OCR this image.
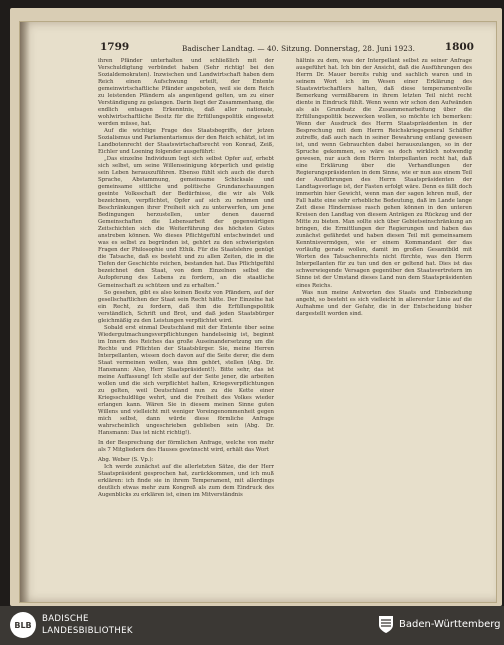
1799	Badischer Landtag. — 40. Sitzung. Donnerstag, 28. Juni 1923.	1800

ihren Pfänder unterhalten und schließlich mit der Verschuldigtung verbündet haben (Sehr richtig! bei den Sozialdemokraten). Inzwischen und Landwirtschaft haben dem Reich einen Aufschwung erteilt, der Entente gemeinwirtschaftliche Pfänder angeboten, weil sie dem Reich zu leistenden Pfändern als angenügend gelten, um zu einer Verständigung zu gelangen. Darin liegt der Zusammenhang, die endlich entsagen Erkenntnis, daß aller nationale, wohlwirtschaftliche Besitz für die Erfüllungspolitik eingesetzt werden müsse, hat.

Auf die wichtige Frage des Staatsbegriffs, der jetzen Sozialismus und Parlamentarismus der den Reich schätzt, ist im Landbotenrecht der Staatswirtschaftsrecht von Konrad, Zeiß, Eichler und Loening folgender ausgeführt:

„Das einzelne Individuum legt sich selbst Opfer auf, erhebt sich selbst, um seine Willenseinigung körperlich und geistig sein Leben herauszuführen. Ebenso fühlt sich auch die durch Sprache, Abstammung, gemeinsame Schicksale und gemeinsame sittliche und politische Grundanschauungen geeinte Volksschaft der Bedürfnisse, die wir als Volk bezeichnen, verpflichtet, Opfer auf sich zu nehmen und Beschränkungen ihrer Freiheit sich zu unterwerfen, um jene Bedingungen herzustellen, unter denen dauernd Gemeinschaften die Lebensarbeit der gegenwärtigen Zeitschichten sich die Weiterführung des höchsten Gutes anstreben können. Wo dieses Pflichtgefühl entschwindet und was es selbst zu begründen ist, gehört zu den schwierigsten Fragen der Philosophie und Ethik. Für die Staatslehre genügt die Tatsache, daß es besteht und zu allen Zeiten, die in die Tiefen der Geschichte reichen, bestanden hat. Das Pflichtgefühl bezeichnet den Staat, von dem Einzelnen selbst die Aufopferung des Lebens zu fordern, an die staatliche Gemeinschaft zu schützen und zu erhalten.“

So gesehen, gibt es also keinen Besitz von Pfändern, auf der gesellschaftlichen der Staat sein Recht hätte. Der Einzelne hat ein Recht, zu fordern, daß ihm die Erfüllungspolitik verständlich, Schrift und Brot, und daß jeden Staatsbürger gleichmäßig zu den Leistungen verpflichtet wird.

Sobald erst einmal Deutschland mit der Entente über seine Wiedergutmachungsverpflichtungen handelseinig ist, beginnt im Innern des Reiches das große Auseinandersetzung um die Rechte und Pflichten der Staatsbürger. Sie, meine Herren Interpellanten, wissen doch davon auf die Seite derer, die dem Staat vermeinen wollen, was ihm gehört, stellen (Abg. Dr. Hansmann: Also, Herr Staatspräsident!). Bitte sehr, das ist meine Auffassung! Ich stelle auf der Seite jener, die arbeiten wollen und die sich verpflichtet halten, Kriegsverpflichtungen zu gelten, weil Deutschland nun zu die Kette einer Kriegsschuldlüge wehrt, und die Freiheit des Volkes wieder erlangen kann. Wären Sie in diesem meinen Sinne guten Willens und vielleicht mit weniger Voreingenommenheit gegen mich selbst, dann würde diese förmliche Anfrage wahrscheinlich ungeschrieben geblieben sein (Abg. Dr. Hansmann: Das ist nicht richtig!).

In der Besprechung der förmlichen Anfrage, welche von mehr als 7 Mitgliedern des Hauses gewünscht wird, erhält das Wort

Abg. Weber (S. Vp.):

Ich werde zunächst auf die allerletzten Sätze, die der Herr Staatspräsident gesprochen hat, zurückkommen, und ich muß erklären: ich finde sie in ihrem Temperament, mit allerdings deutlich etwas mehr zum Kongreß als zum dem Eindruck des Augenblicks zu erklären ist, einen im Mitverständnis

hältnis zu dem, was der Interpellant selbst zu seiner Anfrage ausgeführt hat. Ich bin der Ansicht, daß die Ausführungen des Herrn Dr. Mauer bereits ruhig und sachlich waren und in seinem Wort ich im Wesen einer Erklärung des Staatswirtschaftlers halten, daß diese temperamentvolle Bemerkung vermißbarem in ihrem letzten Teil nicht recht diente in Eindruck fühlt. Wenn wenn wir schon den Aufwänden als als Grundsatz die Zusammenarbeitung über die Erfüllungspolitik bezwecken wollen, so möchte ich bemerken: Wenn der Ausdruck des Herrn Staatspräsidenten in der Besprechung mit dem Herrn Reichskriegsgeneral Schäffer zutreffe, daß auch nach in seiner Bewahrung entlang gewesen ist, und wenn Gebrauchten dabei herauszulangen, so in der Spruche gekommen, so wäre es doch wirklich notwendig gewesen, nur auch dem Herrn Interpellanten recht hat, daß eine Erklärung über die Verhandlungen der Regierungspräsidenten in dem Sinne, wie er nun aus einem Teil der Ausführungen des Herrn Staatspräsidenten der Landtagsvorlage ist, der Fasten erfolgt wäre. Denn es fällt doch immerhin hier Gewicht, wenn man der sagen lehren muß, der Fall hatte eine sehr erhebliche Bedeutung, daß im Lande lange Zeit diese Hindernisse rasch gehen können in den unteren Kreisen den Landtag von diesem Anträgen zu Rückzug und der Mitte zu bieten. Man sollte sich über Gebietseinschränkung an bringen, die Ermittlungen der Regierungen und haben das zunächst gefährdet und haben diesen Teil mit gemeinsamem Kenntnisvermögen, wie er einem Kommandant der das vorläufig gerade wollen, damit im großen Gesamtbild mit Worten des Tatsachenrechts nicht fürchte, was den Herrn Interpellanten für zu tun und den er geltend hat. Dies ist das schwerwiegende Versagen gegenüber den Staatsvertretern im Sinne ist der Umstand dieses Land nun dem Staatspräsidenten eines Reichs.

Was nun meine Antworten des Staats und Einbeziehung angeht, so besteht es sich vielleicht in allererster Linie auf die Aufnahme und der Gefahr, die in der Entscheidung bisher dargestellt worden sind.

BLB
BADISCHE
LANDESBIBLIOTHEK
Baden-Württemberg
